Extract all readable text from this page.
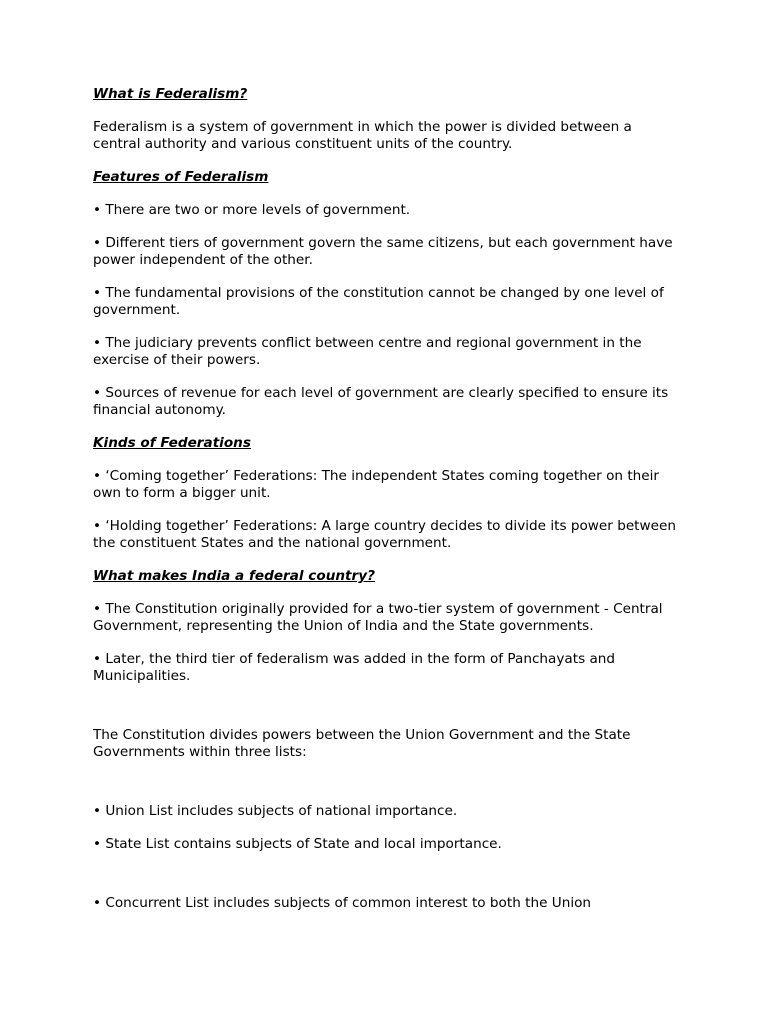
What is Federalism?
Federalism is a system of government in which the power is divided between a central authority and various constituent units of the country.
Features of Federalism
• There are two or more levels of government.
• Different tiers of government govern the same citizens, but each government have power independent of the other.
• The fundamental provisions of the constitution cannot be changed by one level of government.
• The judiciary prevents conflict between centre and regional government in the exercise of their powers.
• Sources of revenue for each level of government are clearly specified to ensure its financial autonomy.
Kinds of Federations
• ‘Coming together’ Federations: The independent States coming together on their own to form a bigger unit.
• ‘Holding together’ Federations: A large country decides to divide its power between the constituent States and the national government.
What makes India a federal country?
• The Constitution originally provided for a two-tier system of government - Central Government, representing the Union of India and the State governments.
• Later, the third tier of federalism was added in the form of Panchayats and Municipalities.
The Constitution divides powers between the Union Government and the State Governments within three lists:
• Union List includes subjects of national importance.
• State List contains subjects of State and local importance.
• Concurrent List includes subjects of common interest to both the Union
